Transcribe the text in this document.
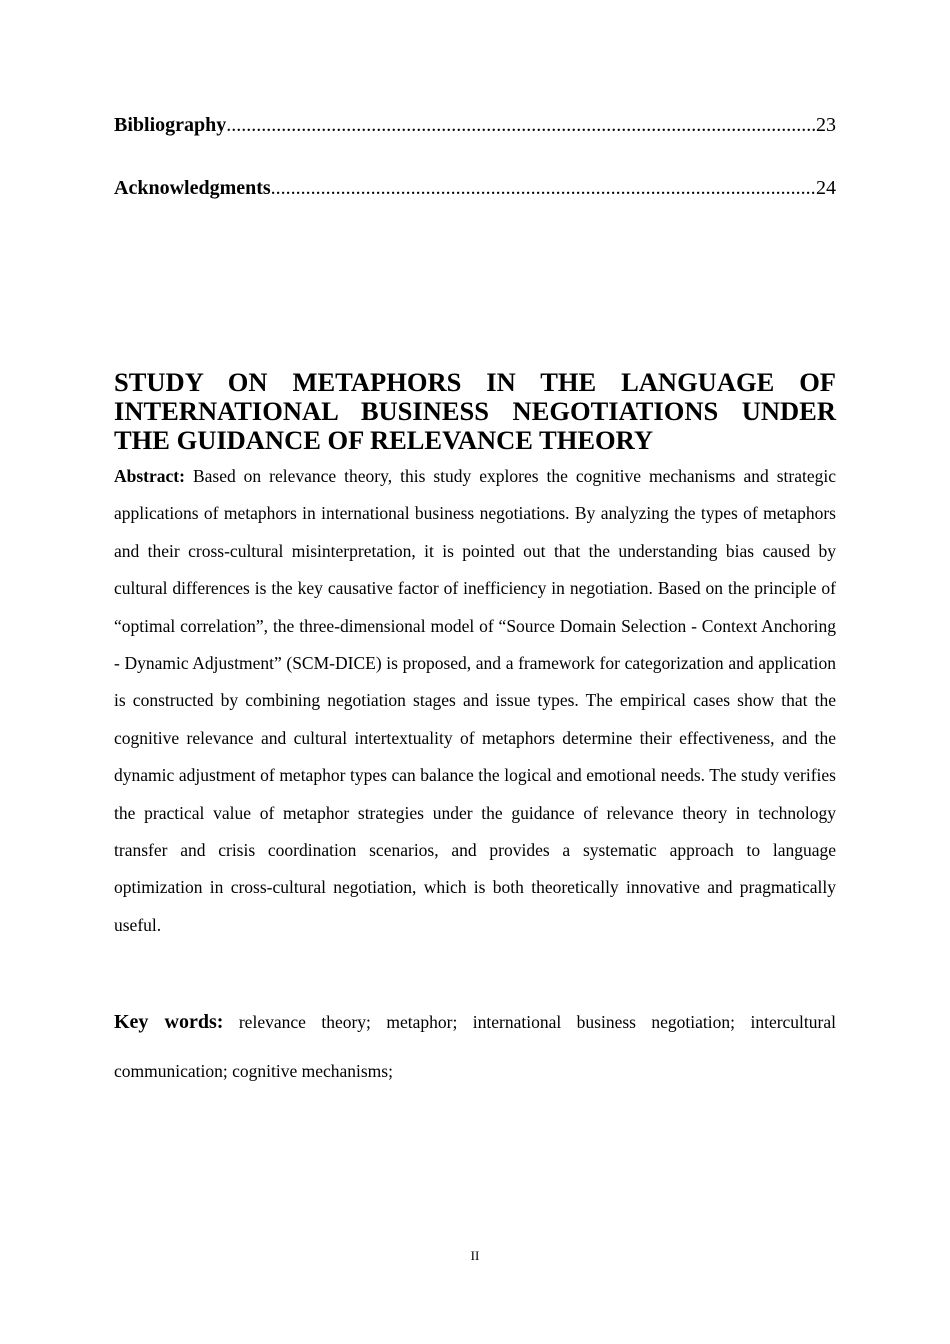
Bibliography .....	23
Acknowledgments .....	24
STUDY ON METAPHORS IN THE LANGUAGE OF INTERNATIONAL BUSINESS NEGOTIATIONS UNDER THE GUIDANCE OF RELEVANCE THEORY

Abstract: Based on relevance theory, this study explores the cognitive mechanisms and strategic applications of metaphors in international business negotiations. By analyzing the types of metaphors and their cross-cultural misinterpretation, it is pointed out that the understanding bias caused by cultural differences is the key causative factor of inefficiency in negotiation. Based on the principle of “optimal correlation”, the three-dimensional model of “Source Domain Selection - Context Anchoring - Dynamic Adjustment” (SCM-DICE) is proposed, and a framework for categorization and application is constructed by combining negotiation stages and issue types. The empirical cases show that the cognitive relevance and cultural intertextuality of metaphors determine their effectiveness, and the dynamic adjustment of metaphor types can balance the logical and emotional needs. The study verifies the practical value of metaphor strategies under the guidance of relevance theory in technology transfer and crisis coordination scenarios, and provides a systematic approach to language optimization in cross-cultural negotiation, which is both theoretically innovative and pragmatically useful.

Key words: relevance theory; metaphor; international business negotiation; intercultural communication; cognitive mechanisms;

II
